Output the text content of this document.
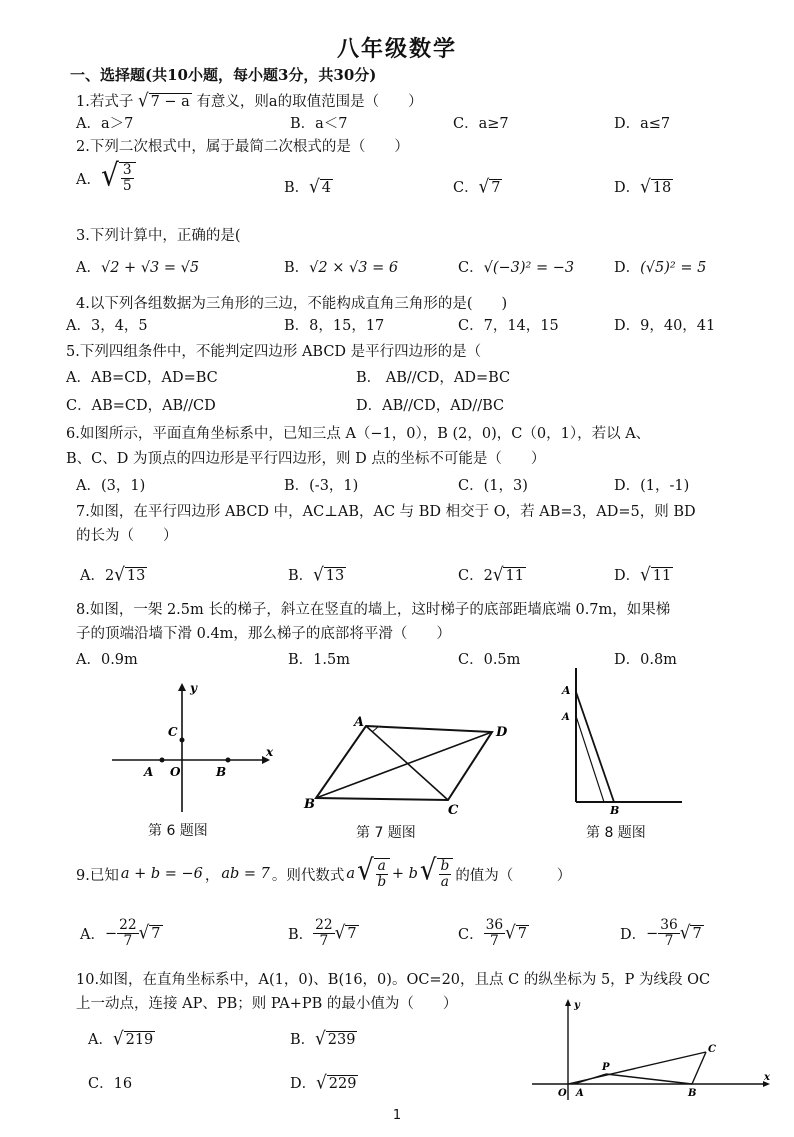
八年级数学
一、选择题(共10小题，每小题3分，共30分)
1.若式子 √ 7 − a 有意义，则a的取值范围是（　　）
A．a＞7	B．a＜7	C．a≥7	D．a≤7
2.下列二次根式中，属于最简二次根式的是（　　）
A． √ $\frac{3}{5}$	B． √ 4	C． √ 7	D． √ 18
3.下列计算中，正确的是(
A．√2 + √3 = √5	B．√2 × √3 = 6	C．√(−3)² = −3	D．(√5)² = 5
4.以下列各组数据为三角形的三边，不能构成直角三角形的是(　　)
A．3，4，5	B．8，15，17	C．7，14，15	D．9，40，41
5.下列四组条件中，不能判定四边形 ABCD 是平行四边形的是（
A．AB=CD，AD=BC	B． AB//CD，AD=BC
C．AB=CD，AB//CD	D．AB//CD，AD//BC
6.如图所示，平面直角坐标系中，已知三点 A（−1，0），B (2，0)，C（0，1），若以 A、
B、C、D 为顶点的四边形是平行四边形，则 D 点的坐标不可能是（　　）
A．(3，1)	B．(-3，1)	C．(1，3)	D．(1，-1)
7.如图，在平行四边形 ABCD 中，AC⊥AB，AC 与 BD 相交于 O，若 AB=3，AD=5，则 BD
的长为（　　）
A．2 √ 13	B． √ 13	C．2 √ 11	D． √ 11
8.如图，一架 2.5m 长的梯子，斜立在竖直的墙上，这时梯子的底部距墙底端 0.7m，如果梯
子的顶端沿墙下滑 0.4m，那么梯子的底部将平滑（　　）
A．0.9m	B．1.5m	C．0.5m	D．0.8m
y
x
A O	B
C
第 6 题图
A
D
C
B
第 7 题图
A
A
B
第 8 题图
9.已知 a + b = −6 ， ab = 7 。则代数式 a √ $\frac{a}{b} + b$ √ $\frac{b}{a}$ 的值为（　　　）
A． − $\frac{22}{7}$ √ 7	B． $\frac{22}{7}$ √ 7	C． $\frac{36}{7}$ √ 7	D． − $\frac{36}{7}$ √ 7
10.如图，在直角坐标系中，A(1，0)、B(16，0)。OC=20，且点 C 的纵坐标为 5，P 为线段 OC
上一动点，连接 AP、PB；则 PA+PB 的最小值为（　　）
A． √ 219	B． √ 239
C．16	D． √ 229
y
x
O A	B
C
P
1
